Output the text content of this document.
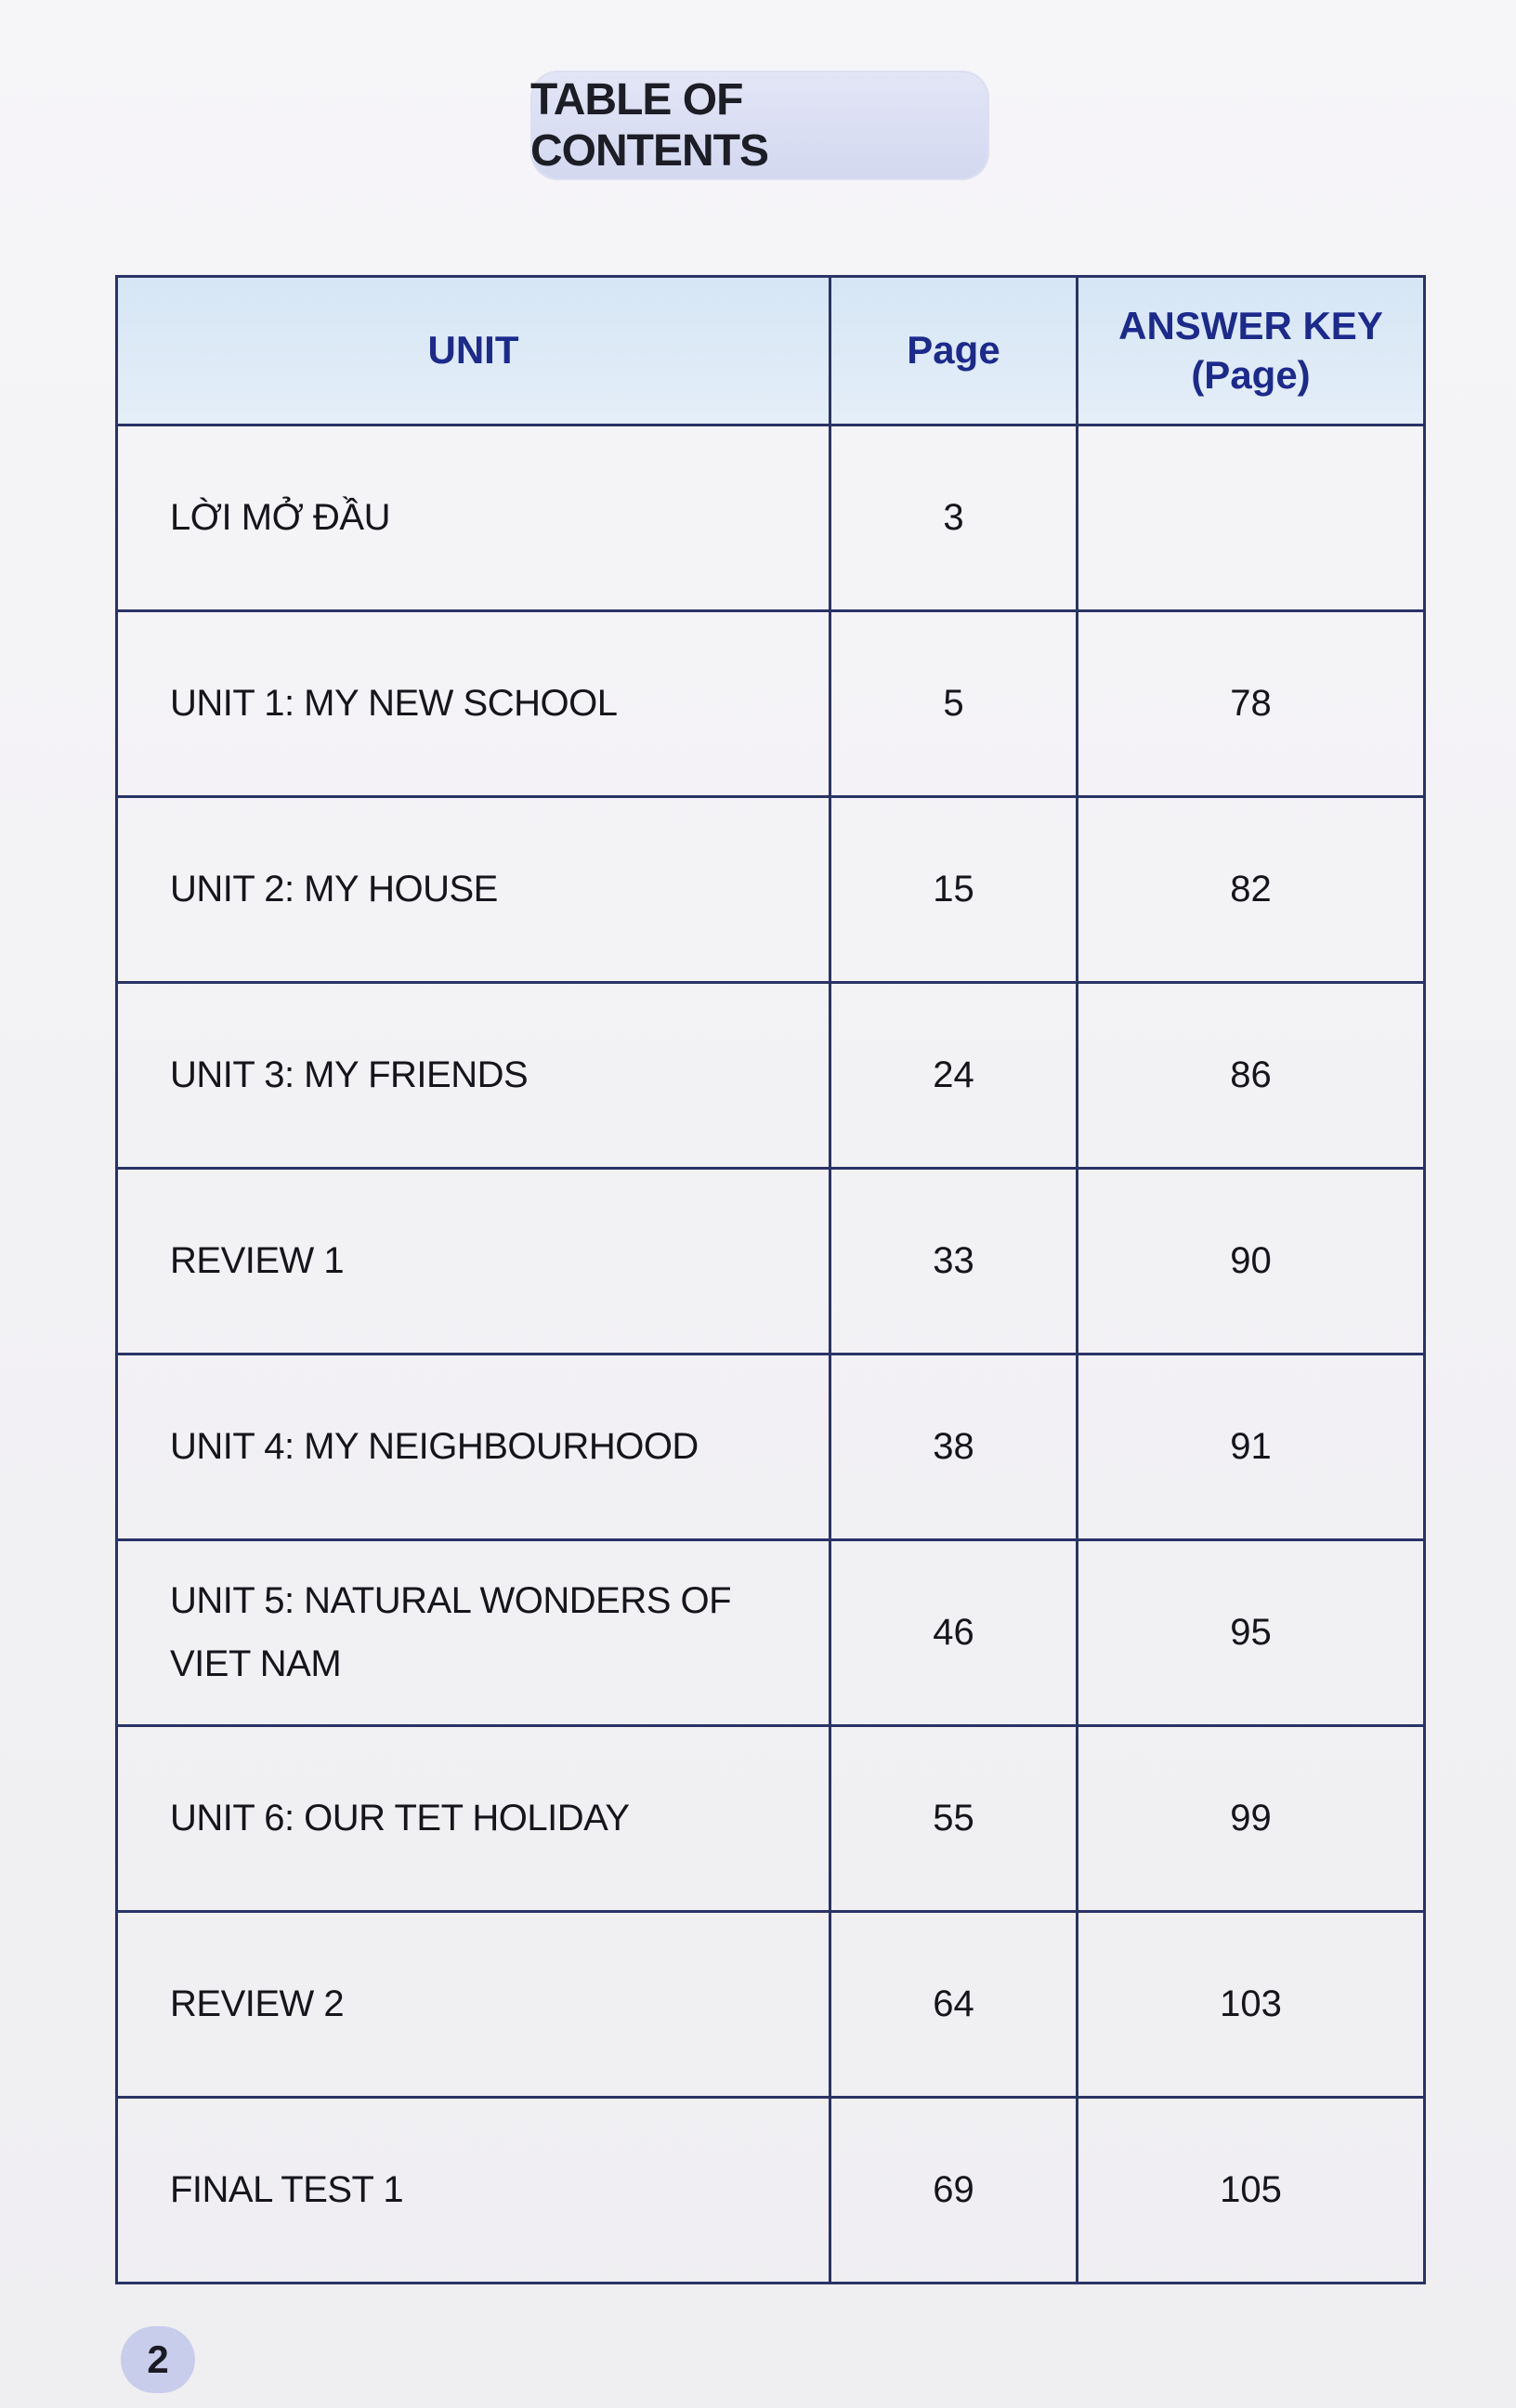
TABLE OF CONTENTS
UNIT	Page	ANSWER KEY
(Page)
LỜI MỞ ĐẦU	3	
UNIT 1: MY NEW SCHOOL	5	78
UNIT 2: MY HOUSE	15	82
UNIT 3: MY FRIENDS	24	86
REVIEW 1	33	90
UNIT 4: MY NEIGHBOURHOOD	38	91
UNIT 5: NATURAL WONDERS OF VIET NAM	46	95
UNIT 6: OUR TET HOLIDAY	55	99
REVIEW 2	64	103
FINAL TEST 1	69	105
2
